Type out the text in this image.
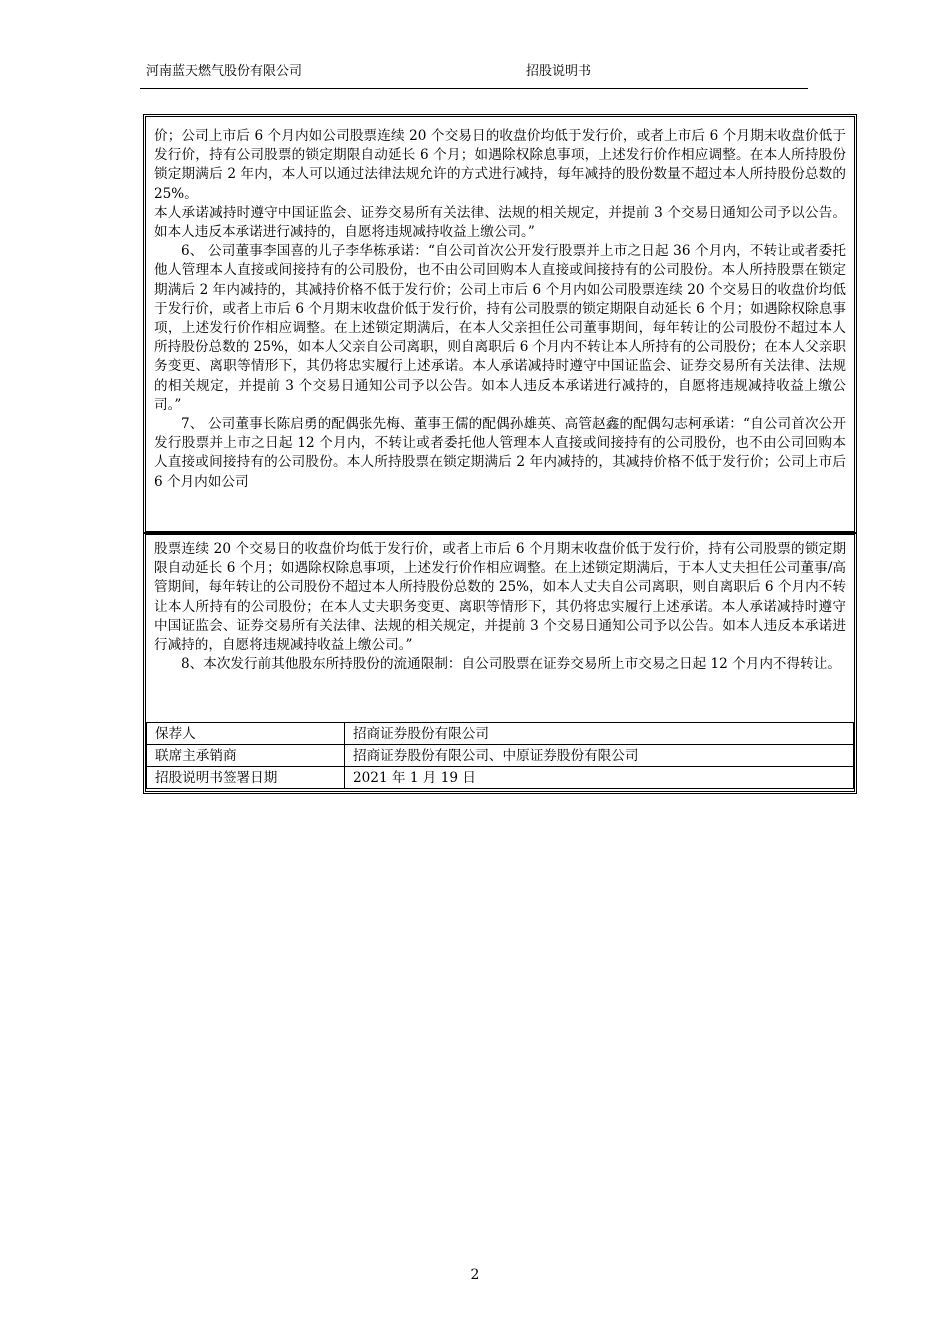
河南蓝天燃气股份有限公司	招股说明书

价；公司上市后 6 个月内如公司股票连续 20 个交易日的收盘价均低于发行价，或者上市后 6 个月期末收盘价低于发行价，持有公司股票的锁定期限自动延长 6 个月；如遇除权除息事项，上述发行价作相应调整。在本人所持股份锁定期满后 2 年内，本人可以通过法律法规允许的方式进行减持，每年减持的股份数量不超过本人所持股份总数的 25%。

本人承诺减持时遵守中国证监会、证券交易所有关法律、法规的相关规定，并提前 3 个交易日通知公司予以公告。如本人违反本承诺进行减持的，自愿将违规减持收益上缴公司。”

6、 公司董事李国喜的儿子李华栋承诺：“自公司首次公开发行股票并上市之日起 36 个月内，不转让或者委托他人管理本人直接或间接持有的公司股份，也不由公司回购本人直接或间接持有的公司股份。本人所持股票在锁定期满后 2 年内减持的，其减持价格不低于发行价；公司上市后 6 个月内如公司股票连续 20 个交易日的收盘价均低于发行价，或者上市后 6 个月期末收盘价低于发行价，持有公司股票的锁定期限自动延长 6 个月；如遇除权除息事项，上述发行价作相应调整。在上述锁定期满后，在本人父亲担任公司董事期间，每年转让的公司股份不超过本人所持股份总数的 25%，如本人父亲自公司离职，则自离职后 6 个月内不转让本人所持有的公司股份；在本人父亲职务变更、离职等情形下，其仍将忠实履行上述承诺。本人承诺减持时遵守中国证监会、证券交易所有关法律、法规的相关规定，并提前 3 个交易日通知公司予以公告。如本人违反本承诺进行减持的，自愿将违规减持收益上缴公司。”

7、 公司董事长陈启勇的配偶张先梅、董事王儒的配偶孙雄英、高管赵鑫的配偶勾志柯承诺：“自公司首次公开发行股票并上市之日起 12 个月内，不转让或者委托他人管理本人直接或间接持有的公司股份，也不由公司回购本人直接或间接持有的公司股份。本人所持股票在锁定期满后 2 年内减持的，其减持价格不低于发行价；公司上市后 6 个月内如公司

股票连续 20 个交易日的收盘价均低于发行价，或者上市后 6 个月期末收盘价低于发行价，持有公司股票的锁定期限自动延长 6 个月；如遇除权除息事项，上述发行价作相应调整。在上述锁定期满后，于本人丈夫担任公司董事/高管期间，每年转让的公司股份不超过本人所持股份总数的 25%，如本人丈夫自公司离职，则自离职后 6 个月内不转让本人所持有的公司股份；在本人丈夫职务变更、离职等情形下，其仍将忠实履行上述承诺。本人承诺减持时遵守中国证监会、证券交易所有关法律、法规的相关规定，并提前 3 个交易日通知公司予以公告。如本人违反本承诺进行减持的，自愿将违规减持收益上缴公司。”

8、本次发行前其他股东所持股份的流通限制：自公司股票在证券交易所上市交易之日起 12 个月内不得转让。

保荐人	招商证券股份有限公司
联席主承销商	招商证券股份有限公司、中原证券股份有限公司
招股说明书签署日期	2021 年 1 月 19 日
2
